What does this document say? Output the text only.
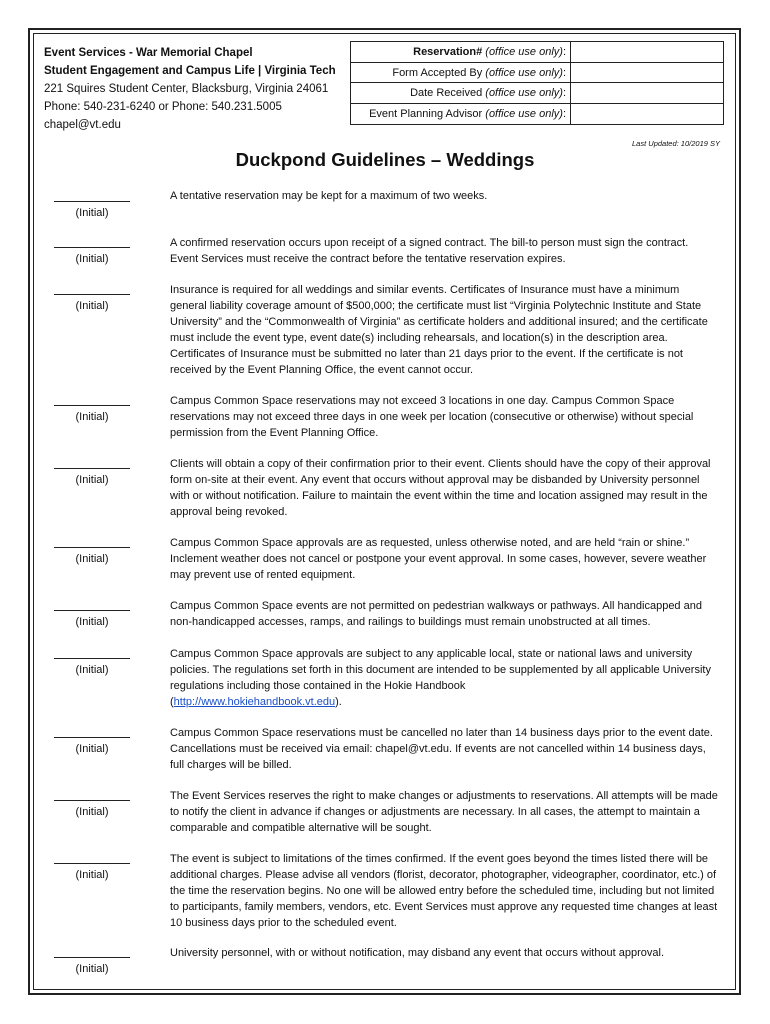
Event Services - War Memorial Chapel
Student Engagement and Campus Life | Virginia Tech
221 Squires Student Center, Blacksburg, Virginia 24061
Phone: 540-231-6240 or Phone: 540.231.5005
chapel@vt.edu
Reservation# (office use only):
Form Accepted By (office use only):
Date Received (office use only):
Event Planning Advisor (office use only):
Last Updated: 10/2019 SY
Duckpond Guidelines – Weddings
(Initial)
A tentative reservation may be kept for a maximum of two weeks.
(Initial)
A confirmed reservation occurs upon receipt of a signed contract. The bill-to person must sign the contract. Event Services must receive the contract before the tentative reservation expires.
(Initial)
Insurance is required for all weddings and similar events. Certificates of Insurance must have a minimum general liability coverage amount of $500,000; the certificate must list “Virginia Polytechnic Institute and State University” and the “Commonwealth of Virginia” as certificate holders and additional insured; and the certificate must include the event type, event date(s) including rehearsals, and location(s) in the description area. Certificates of Insurance must be submitted no later than 21 days prior to the event. If the certificate is not received by the Event Planning Office, the event cannot occur.
(Initial)
Campus Common Space reservations may not exceed 3 locations in one day. Campus Common Space reservations may not exceed three days in one week per location (consecutive or otherwise) without special permission from the Event Planning Office.
(Initial)
Clients will obtain a copy of their confirmation prior to their event. Clients should have the copy of their approval form on-site at their event. Any event that occurs without approval may be disbanded by University personnel with or without notification. Failure to maintain the event within the time and location assigned may result in the approval being revoked.
(Initial)
Campus Common Space approvals are as requested, unless otherwise noted, and are held “rain or shine.” Inclement weather does not cancel or postpone your event approval. In some cases, however, severe weather may prevent use of rented equipment.
(Initial)
Campus Common Space events are not permitted on pedestrian walkways or pathways. All handicapped and non-handicapped accesses, ramps, and railings to buildings must remain unobstructed at all times.
(Initial)
Campus Common Space approvals are subject to any applicable local, state or national laws and university policies. The regulations set forth in this document are intended to be supplemented by all applicable University regulations including those contained in the Hokie Handbook
(http://www.hokiehandbook.vt.edu).
(Initial)
Campus Common Space reservations must be cancelled no later than 14 business days prior to the event date. Cancellations must be received via email: chapel@vt.edu. If events are not cancelled within 14 business days, full charges will be billed.
(Initial)
The Event Services reserves the right to make changes or adjustments to reservations. All attempts will be made to notify the client in advance if changes or adjustments are necessary. In all cases, the attempt to maintain a comparable and compatible alternative will be sought.
(Initial)
The event is subject to limitations of the times confirmed. If the event goes beyond the times listed there will be additional charges. Please advise all vendors (florist, decorator, photographer, videographer, coordinator, etc.) of the time the reservation begins. No one will be allowed entry before the scheduled time, including but not limited to participants, family members, vendors, etc. Event Services must approve any requested time changes at least 10 business days prior to the scheduled event.
(Initial)
University personnel, with or without notification, may disband any event that occurs without approval.
